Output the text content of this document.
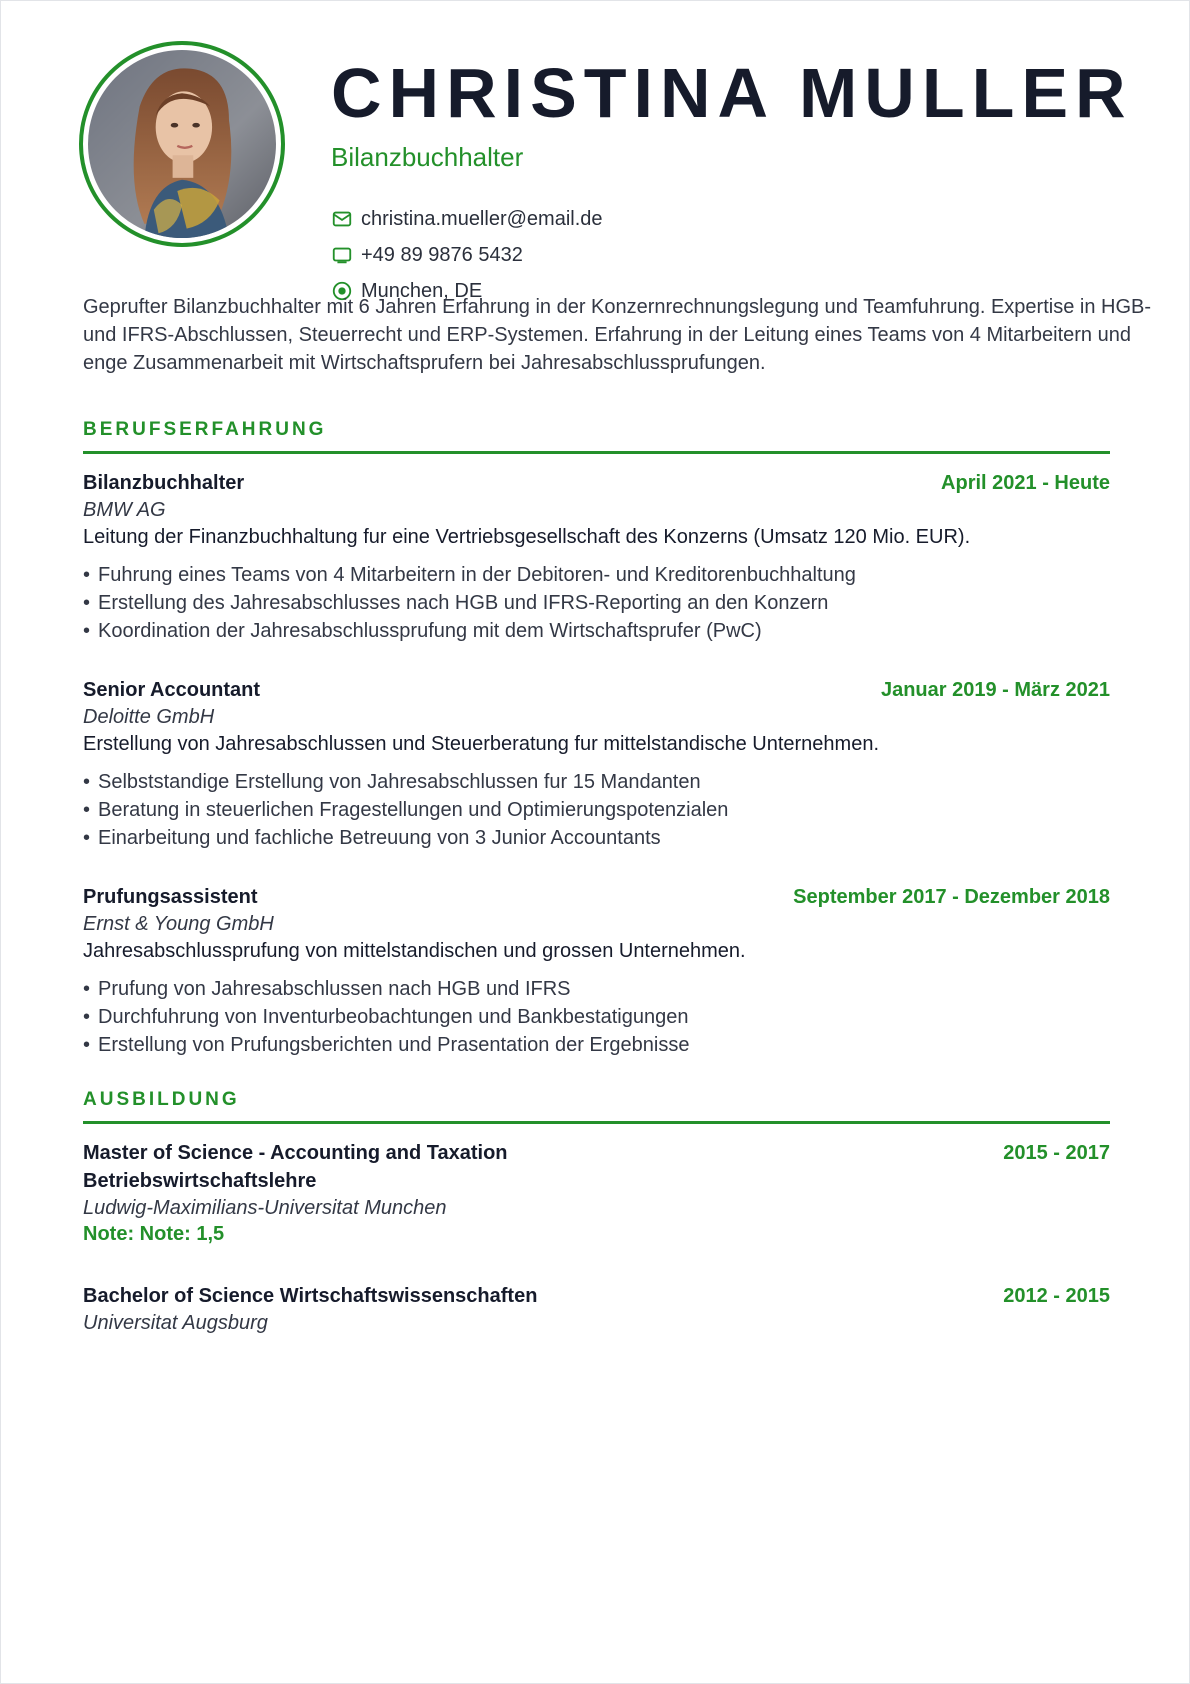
CHRISTINA MULLER
Bilanzbuchhalter
christina.mueller@email.de
+49 89 9876 5432
Munchen, DE
Geprufter Bilanzbuchhalter mit 6 Jahren Erfahrung in der Konzernrechnungslegung und Teamfuhrung. Expertise in HGB- und IFRS-Abschlussen, Steuerrecht und ERP-Systemen. Erfahrung in der Leitung eines Teams von 4 Mitarbeitern und enge Zusammenarbeit mit Wirtschaftsprufern bei Jahresabschlussprufungen.
BERUFSERFAHRUNG
Bilanzbuchhalter	April 2021 - Heute
BMW AG
Leitung der Finanzbuchhaltung fur eine Vertriebsgesellschaft des Konzerns (Umsatz 120 Mio. EUR).
• Fuhrung eines Teams von 4 Mitarbeitern in der Debitoren- und Kreditorenbuchhaltung
• Erstellung des Jahresabschlusses nach HGB und IFRS-Reporting an den Konzern
• Koordination der Jahresabschlussprufung mit dem Wirtschaftsprufer (PwC)
Senior Accountant	Januar 2019 - März 2021
Deloitte GmbH
Erstellung von Jahresabschlussen und Steuerberatung fur mittelstandische Unternehmen.
• Selbststandige Erstellung von Jahresabschlussen fur 15 Mandanten
• Beratung in steuerlichen Fragestellungen und Optimierungspotenzialen
• Einarbeitung und fachliche Betreuung von 3 Junior Accountants
Prufungsassistent	September 2017 - Dezember 2018
Ernst & Young GmbH
Jahresabschlussprufung von mittelstandischen und grossen Unternehmen.
• Prufung von Jahresabschlussen nach HGB und IFRS
• Durchfuhrung von Inventurbeobachtungen und Bankbestatigungen
• Erstellung von Prufungsberichten und Prasentation der Ergebnisse
AUSBILDUNG
Master of Science - Accounting and Taxation	2015 - 2017
Betriebswirtschaftslehre
Ludwig-Maximilians-Universitat Munchen
Note: Note: 1,5
Bachelor of Science Wirtschaftswissenschaften	2012 - 2015
Universitat Augsburg
